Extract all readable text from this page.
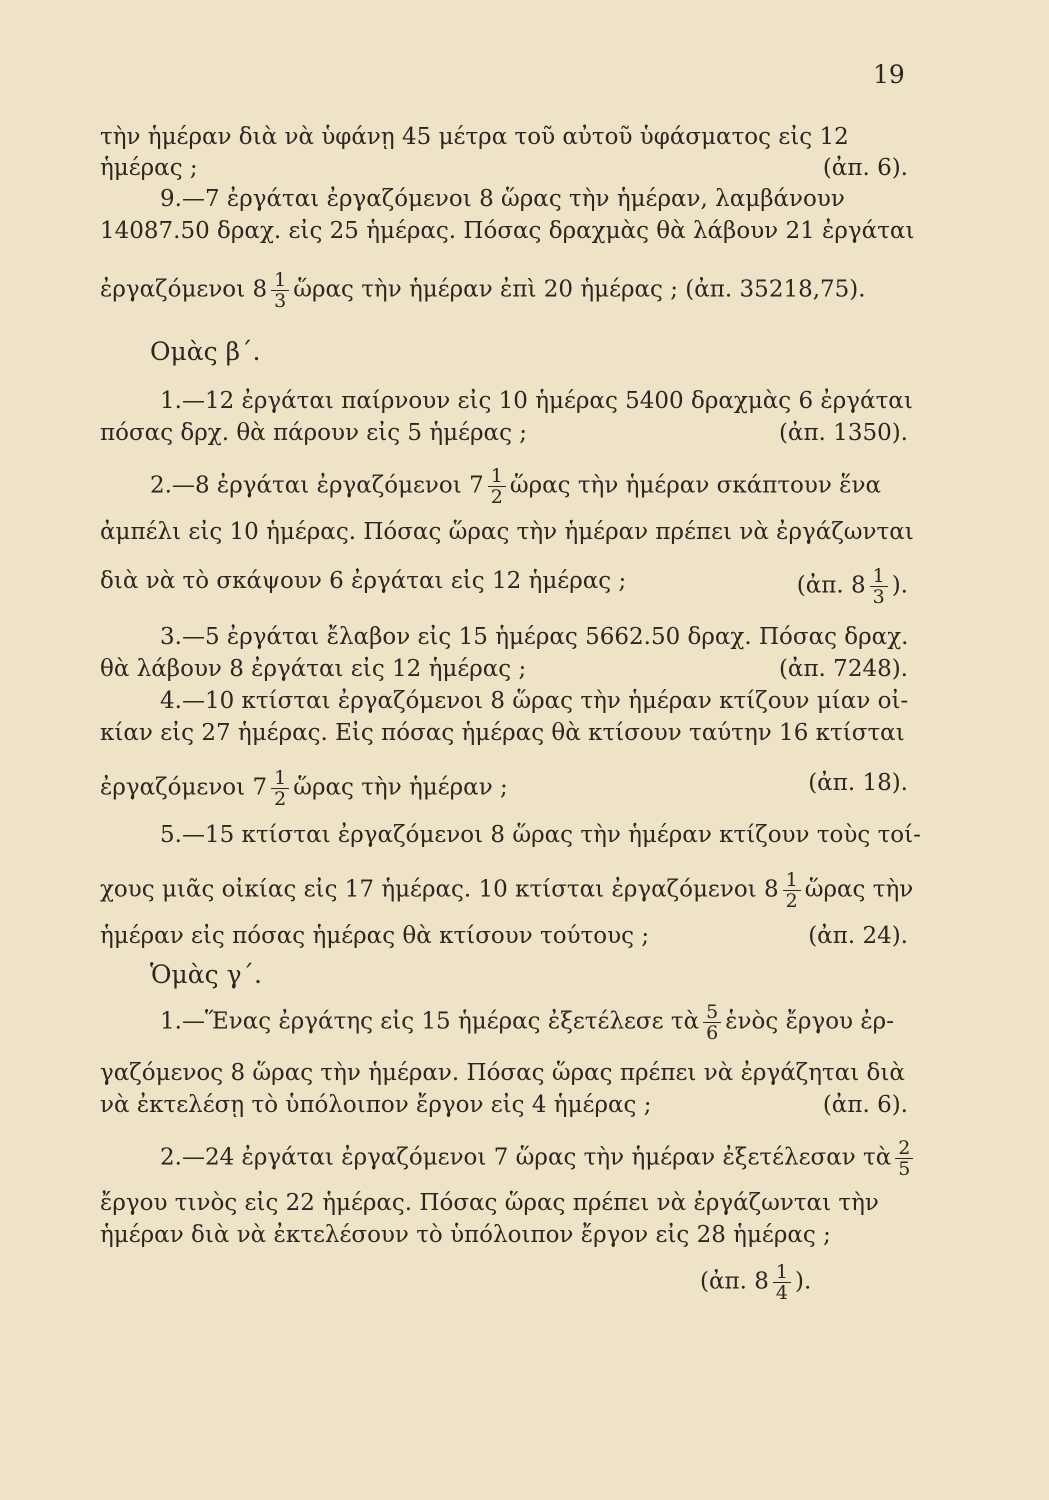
19
τὴν ἡμέραν διὰ νὰ ὑφάνῃ 45 μέτρα τοῦ αὐτοῦ ὑφάσματος εἰς 12
ἡμέρας ;	(ἀπ. 6).
9.—7 ἐργάται ἐργαζόμενοι 8 ὥρας τὴν ἡμέραν, λαμβάνουν
14087.50 δραχ. εἰς 25 ἡμέρας. Πόσας δραχμὰς θὰ λάβουν 21 ἐργάται
ἐργαζόμενοι $8 \frac{1}{3}$ ὥρας τὴν ἡμέραν ἐπὶ 20 ἡμέρας ; (ἀπ. 35218,75).
Ομὰς β΄.
1.—12 ἐργάται παίρνουν εἰς 10 ἡμέρας 5400 δραχμὰς 6 ἐργάται
πόσας δρχ. θὰ πάρουν εἰς 5 ἡμέρας ;	(ἀπ. 1350).
2.—8 ἐργάται ἐργαζόμενοι $7 \frac{1}{2}$ ὥρας τὴν ἡμέραν σκάπτουν ἕνα
ἀμπέλι εἰς 10 ἡμέρας. Πόσας ὥρας τὴν ἡμέραν πρέπει νὰ ἐργάζωνται
διὰ νὰ τὸ σκάψουν 6 ἐργάται εἰς 12 ἡμέρας ;	(ἀπ. $8 \frac{1}{3}$ ).
3.—5 ἐργάται ἔλαβον εἰς 15 ἡμέρας 5662.50 δραχ. Πόσας δραχ.
θὰ λάβουν 8 ἐργάται εἰς 12 ἡμέρας ;	(ἀπ. 7248).
4.—10 κτίσται ἐργαζόμενοι 8 ὥρας τὴν ἡμέραν κτίζουν μίαν οἰ-
κίαν εἰς 27 ἡμέρας. Εἰς πόσας ἡμέρας θὰ κτίσουν ταύτην 16 κτίσται
ἐργαζόμενοι $7 \frac{1}{2}$ ὥρας τὴν ἡμέραν ;	(ἀπ. 18).
5.—15 κτίσται ἐργαζόμενοι 8 ὥρας τὴν ἡμέραν κτίζουν τοὺς τοί-
χους μιᾶς οἰκίας εἰς 17 ἡμέρας. 10 κτίσται ἐργαζόμενοι $8 \frac{1}{2}$ ὥρας τὴν
ἡμέραν εἰς πόσας ἡμέρας θὰ κτίσουν τούτους ;	(ἀπ. 24).
Ὁμὰς γ΄.
1.—Ἕνας ἐργάτης εἰς 15 ἡμέρας ἐξετέλεσε τὰ $\frac{5}{6}$ ἑνὸς ἔργου ἐρ-
γαζόμενος 8 ὥρας τὴν ἡμέραν. Πόσας ὥρας πρέπει νὰ ἐργάζηται διὰ
νὰ ἐκτελέσῃ τὸ ὑπόλοιπον ἔργον εἰς 4 ἡμέρας ;	(ἀπ. 6).
2.—24 ἐργάται ἐργαζόμενοι 7 ὥρας τὴν ἡμέραν ἐξετέλεσαν τὰ $\frac{2}{5}$
ἔργου τινὸς εἰς 22 ἡμέρας. Πόσας ὥρας πρέπει νὰ ἐργάζωνται τὴν
ἡμέραν διὰ νὰ ἐκτελέσουν τὸ ὑπόλοιπον ἔργον εἰς 28 ἡμέρας ;
(ἀπ. $8 \frac{1}{4}$ ).
